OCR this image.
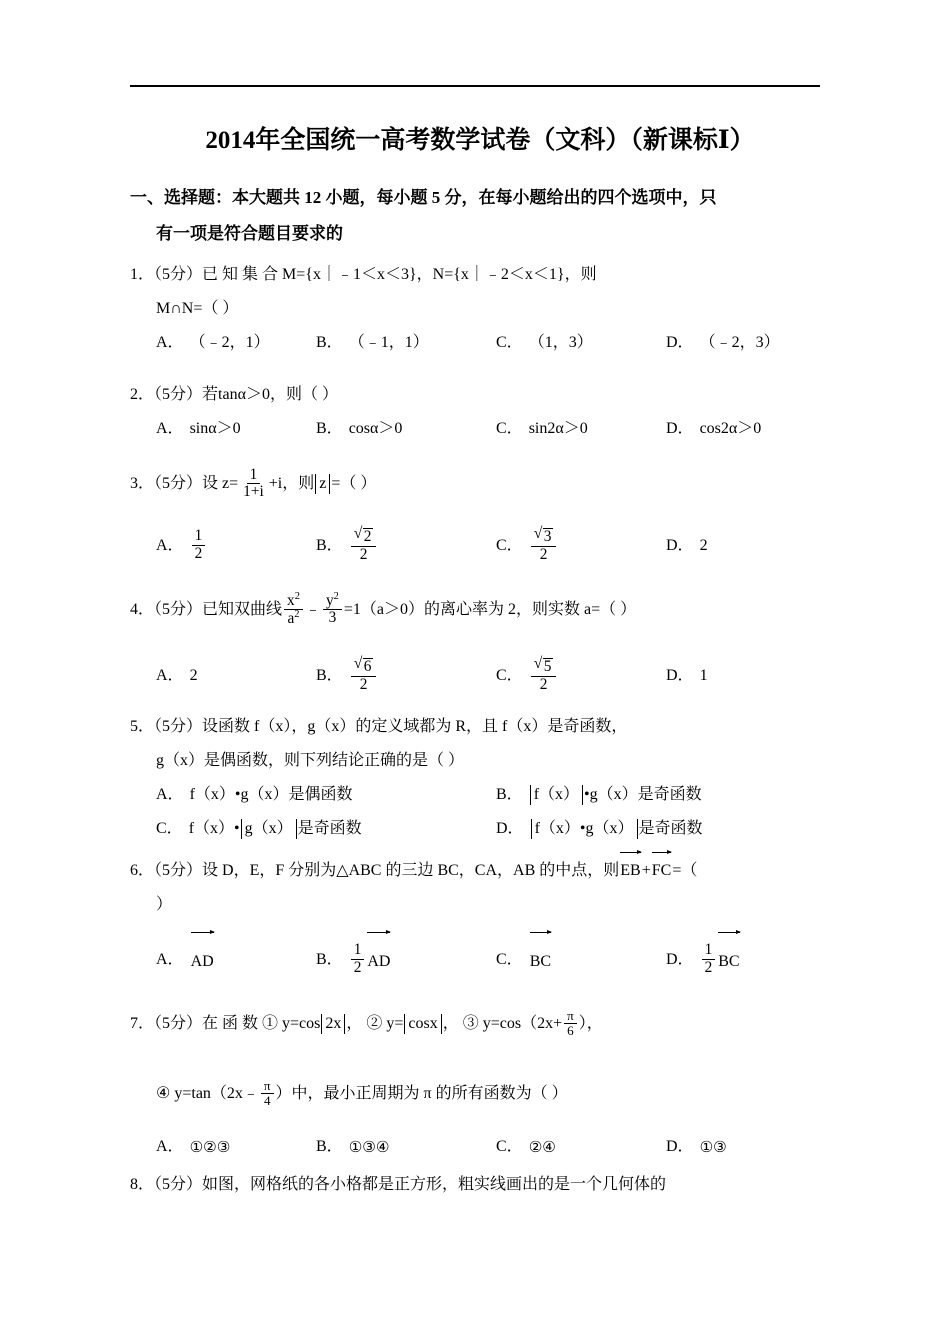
2014年全国统一高考数学试卷（文科）（新课标Ⅰ）
一、选择题：本大题共 12 小题，每小题 5 分，在每小题给出的四个选项中，只
有一项是符合题目要求的
1．（5分）已 知 集 合 M={x｜﹣1＜x＜3}，N={x｜﹣2＜x＜1}，则
M∩N=（ ）
A． （﹣2，1）	B． （﹣1，1）	C． （1，3）	D． （﹣2，3）
2．（5分）若tanα＞0，则（ ）
A． sinα＞0	B． cosα＞0	C． sin2α＞0	D． cos2α＞0
3．（5分）设 $z= \frac{1}{1+i} +i$，则 z =（ ）
A． $\frac{1}{2}$	B． √ $\frac{2}{2}$	C． √ $\frac{3}{2}$	D． 2
4．（5分）已知双曲线 $\frac{x^2}{a^2}$ ﹣ $\frac{y^2}{3} =1(a>0)$的离心率为 2，则实数 a=（ ）
A． 2	B． √ $\frac{6}{2}$	C． √ $\frac{5}{2}$	D． 1
5．（5分）设函数 f（x），g（x）的定义域都为 R，且 f（x）是奇函数，
g（x）是偶函数，则下列结论正确的是（ ）
A． f（x）•g（x）是偶函数	B． f（x） •g（x）是奇函数
C． f（x）• g（x） 是奇函数	D． f（x）•g（x） 是奇函数
6．（5分）设 D，E，F 分别为△ABC 的三边 BC，CA，AB 的中点，则EB+FC=（
）
A． AD	B． $\frac{1}{2}$ AD	C． BC	D． $\frac{1}{2}$ BC
7．（5分）在 函 数 ① y=cos 2x ， ② y= cosx ， ③ $y=\cos(2x+ \frac{\pi}{6}$ ），
④ y=tan（2x﹣ $\frac{\pi}{4}$ ）中，最小正周期为 π 的所有函数为（ ）
A． ①②③	B． ①③④	C． ②④	D． ①③
8．（5分）如图，网格纸的各小格都是正方形，粗实线画出的是一个几何体的
